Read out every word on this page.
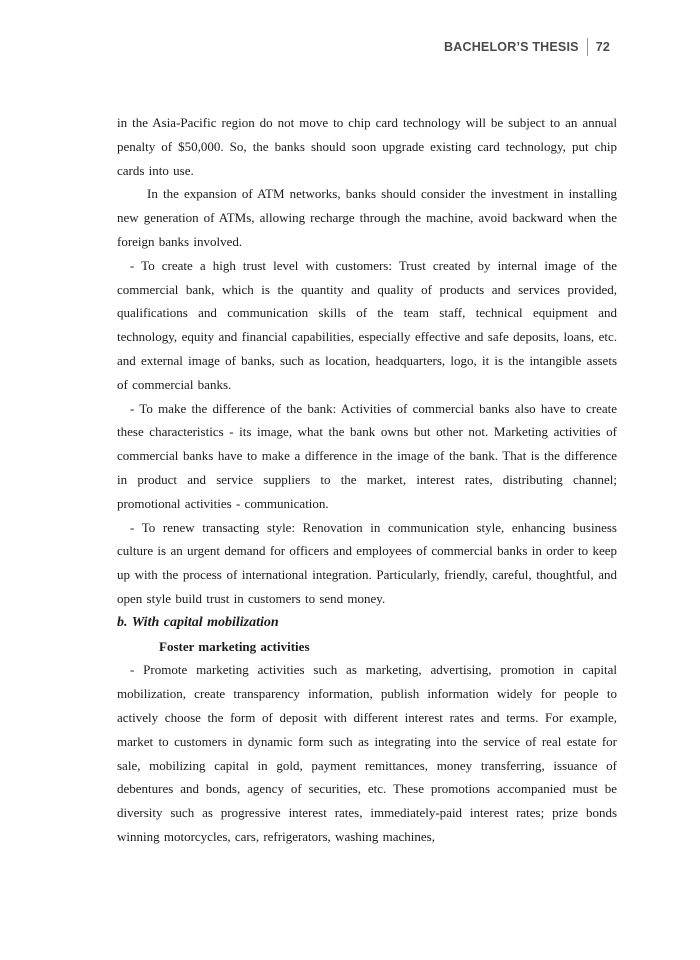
BACHELOR’S THESIS 72

in the Asia-Pacific region do not move to chip card technology will be subject to an annual penalty of $50,000. So, the banks should soon upgrade existing card technology, put chip cards into use.

In the expansion of ATM networks, banks should consider the investment in installing new generation of ATMs, allowing recharge through the machine, avoid backward when the foreign banks involved.

- To create a high trust level with customers: Trust created by internal image of the commercial bank, which is the quantity and quality of products and services provided, qualifications and communication skills of the team staff, technical equipment and technology, equity and financial capabilities, especially effective and safe deposits, loans, etc. and external image of banks, such as location, headquarters, logo, it is the intangible assets of commercial banks.

- To make the difference of the bank: Activities of commercial banks also have to create these characteristics - its image, what the bank owns but other not. Marketing activities of commercial banks have to make a difference in the image of the bank. That is the difference in product and service suppliers to the market, interest rates, distributing channel; promotional activities - communication.

- To renew transacting style: Renovation in communication style, enhancing business culture is an urgent demand for officers and employees of commercial banks in order to keep up with the process of international integration. Particularly, friendly, careful, thoughtful, and open style build trust in customers to send money.

b. With capital mobilization

Foster marketing activities

- Promote marketing activities such as marketing, advertising, promotion in capital mobilization, create transparency information, publish information widely for people to actively choose the form of deposit with different interest rates and terms. For example, market to customers in dynamic form such as integrating into the service of real estate for sale, mobilizing capital in gold, payment remittances, money transferring, issuance of debentures and bonds, agency of securities, etc. These promotions accompanied must be diversity such as progressive interest rates, immediately-paid interest rates; prize bonds winning motorcycles, cars, refrigerators, washing machines,
